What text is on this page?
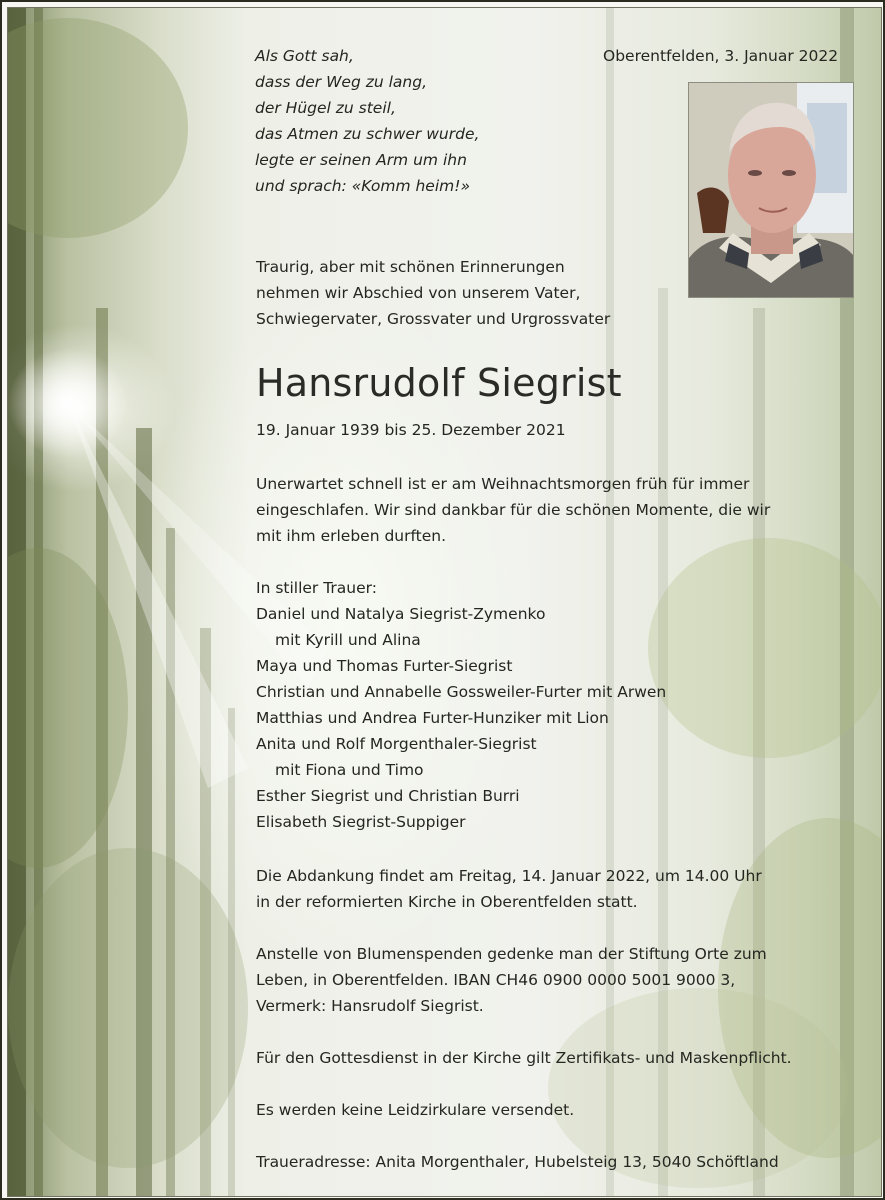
Als Gott sah,
dass der Weg zu lang,
der Hügel zu steil,
das Atmen zu schwer wurde,
legte er seinen Arm um ihn
und sprach: «Komm heim!»
Oberentfelden, 3. Januar 2022
Traurig, aber mit schönen Erinnerungen
nehmen wir Abschied von unserem Vater,
Schwiegervater, Grossvater und Urgrossvater
Hansrudolf Siegrist
19. Januar 1939 bis 25. Dezember 2021
Unerwartet schnell ist er am Weihnachtsmorgen früh für immer
eingeschlafen. Wir sind dankbar für die schönen Momente, die wir
mit ihm erleben durften.
In stiller Trauer:
Daniel und Natalya Siegrist-Zymenko
mit Kyrill und Alina
Maya und Thomas Furter-Siegrist
Christian und Annabelle Gossweiler-Furter mit Arwen
Matthias und Andrea Furter-Hunziker mit Lion
Anita und Rolf Morgenthaler-Siegrist
mit Fiona und Timo
Esther Siegrist und Christian Burri
Elisabeth Siegrist-Suppiger
Die Abdankung findet am Freitag, 14. Januar 2022, um 14.00 Uhr
in der reformierten Kirche in Oberentfelden statt.
Anstelle von Blumenspenden gedenke man der Stiftung Orte zum
Leben, in Oberentfelden. IBAN CH46 0900 0000 5001 9000 3,
Vermerk: Hansrudolf Siegrist.
Für den Gottesdienst in der Kirche gilt Zertifikats- und Maskenpflicht.
Es werden keine Leidzirkulare versendet.
Traueradresse: Anita Morgenthaler, Hubelsteig 13, 5040 Schöftland
